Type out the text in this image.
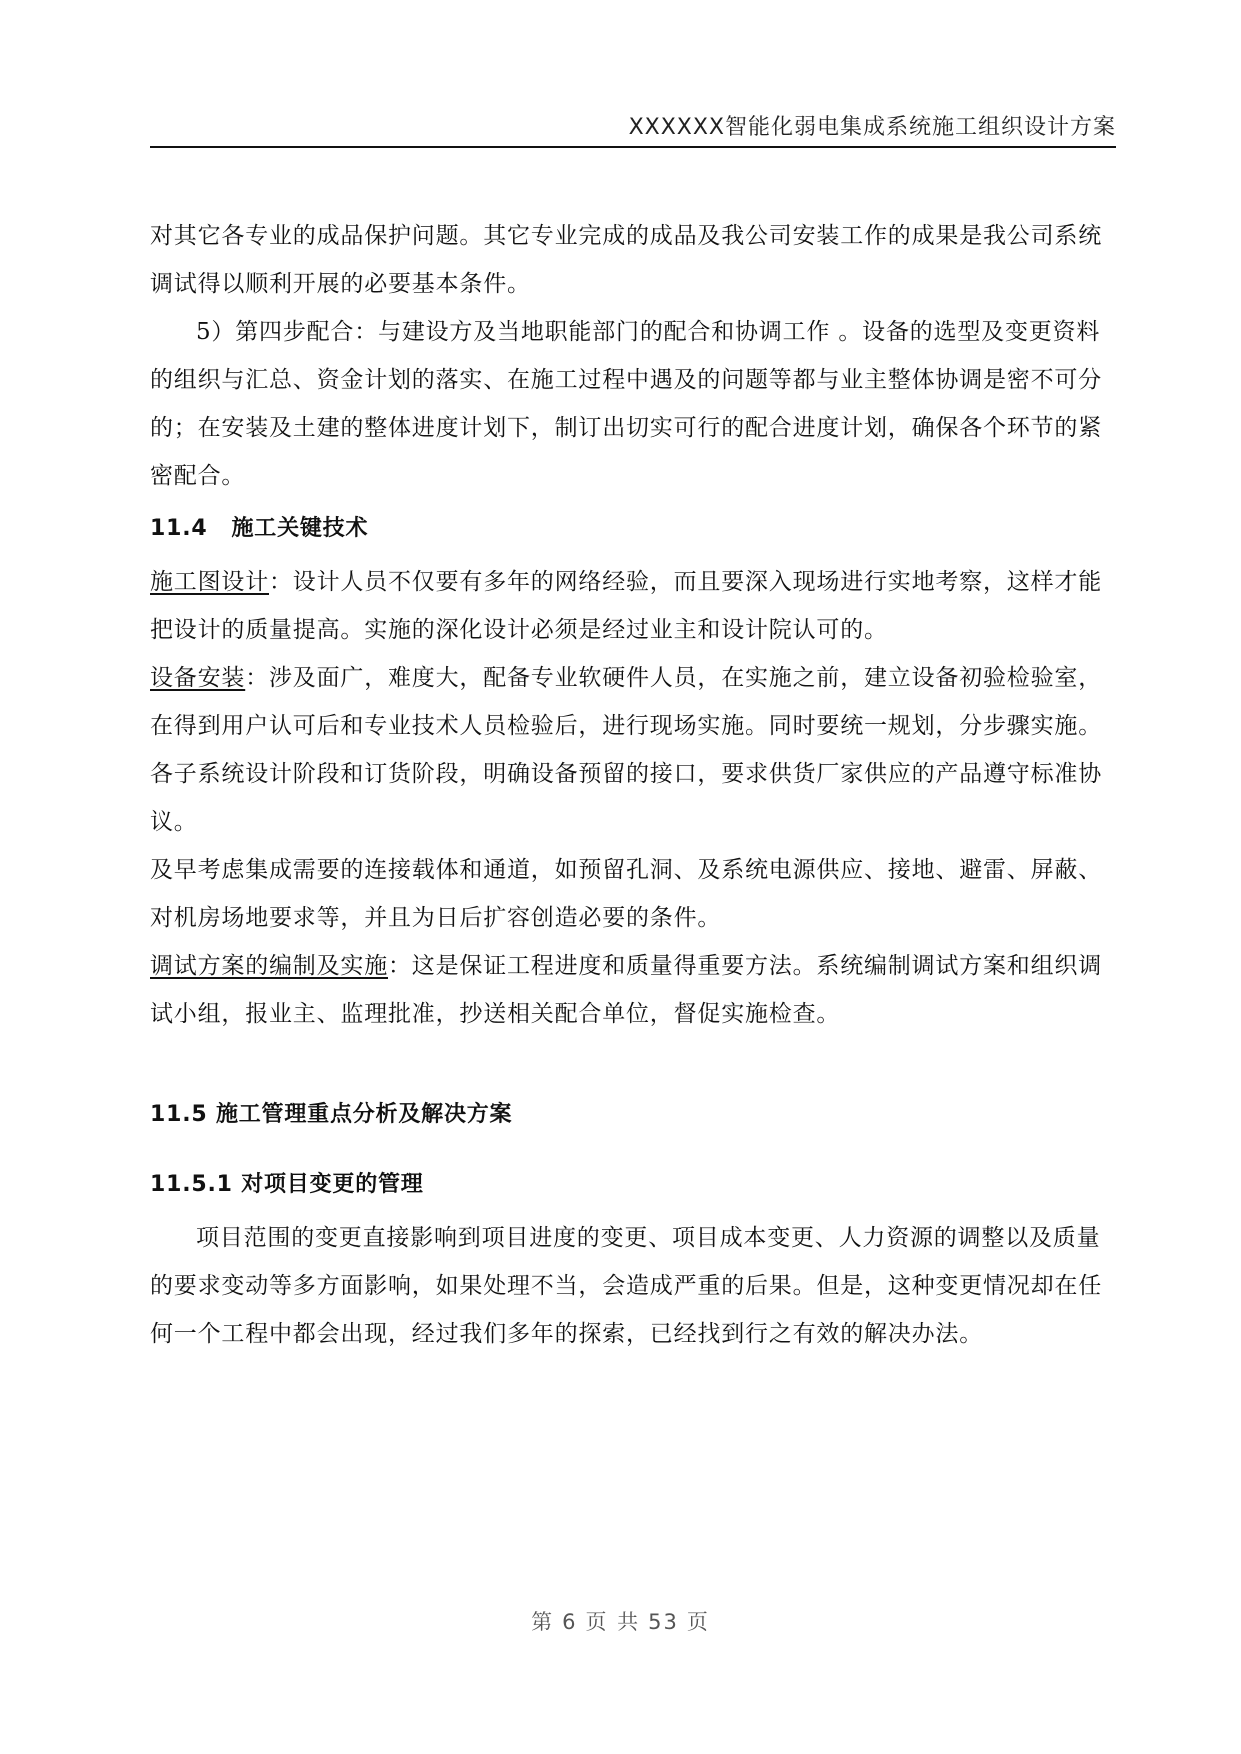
XXXXXX智能化弱电集成系统施工组织设计方案

对其它各专业的成品保护问题。其它专业完成的成品及我公司安装工作的成果是我公司系统调试得以顺利开展的必要基本条件。

5）第四步配合：与建设方及当地职能部门的配合和协调工作 。设备的选型及变更资料的组织与汇总、资金计划的落实、在施工过程中遇及的问题等都与业主整体协调是密不可分的；在安装及土建的整体进度计划下，制订出切实可行的配合进度计划，确保各个环节的紧密配合。

11.4 施工关键技术

施工图设计：设计人员不仅要有多年的网络经验，而且要深入现场进行实地考察，这样才能把设计的质量提高。实施的深化设计必须是经过业主和设计院认可的。

设备安装：涉及面广，难度大，配备专业软硬件人员，在实施之前，建立设备初验检验室，在得到用户认可后和专业技术人员检验后，进行现场实施。同时要统一规划，分步骤实施。

各子系统设计阶段和订货阶段，明确设备预留的接口，要求供货厂家供应的产品遵守标准协议。

及早考虑集成需要的连接载体和通道，如预留孔洞、及系统电源供应、接地、避雷、屏蔽、对机房场地要求等，并且为日后扩容创造必要的条件。

调试方案的编制及实施：这是保证工程进度和质量得重要方法。系统编制调试方案和组织调试小组，报业主、监理批准，抄送相关配合单位，督促实施检查。

11.5 施工管理重点分析及解决方案

11.5.1 对项目变更的管理

项目范围的变更直接影响到项目进度的变更、项目成本变更、人力资源的调整以及质量的要求变动等多方面影响，如果处理不当，会造成严重的后果。但是，这种变更情况却在任何一个工程中都会出现，经过我们多年的探索，已经找到行之有效的解决办法。

第 6 页 共 53 页
